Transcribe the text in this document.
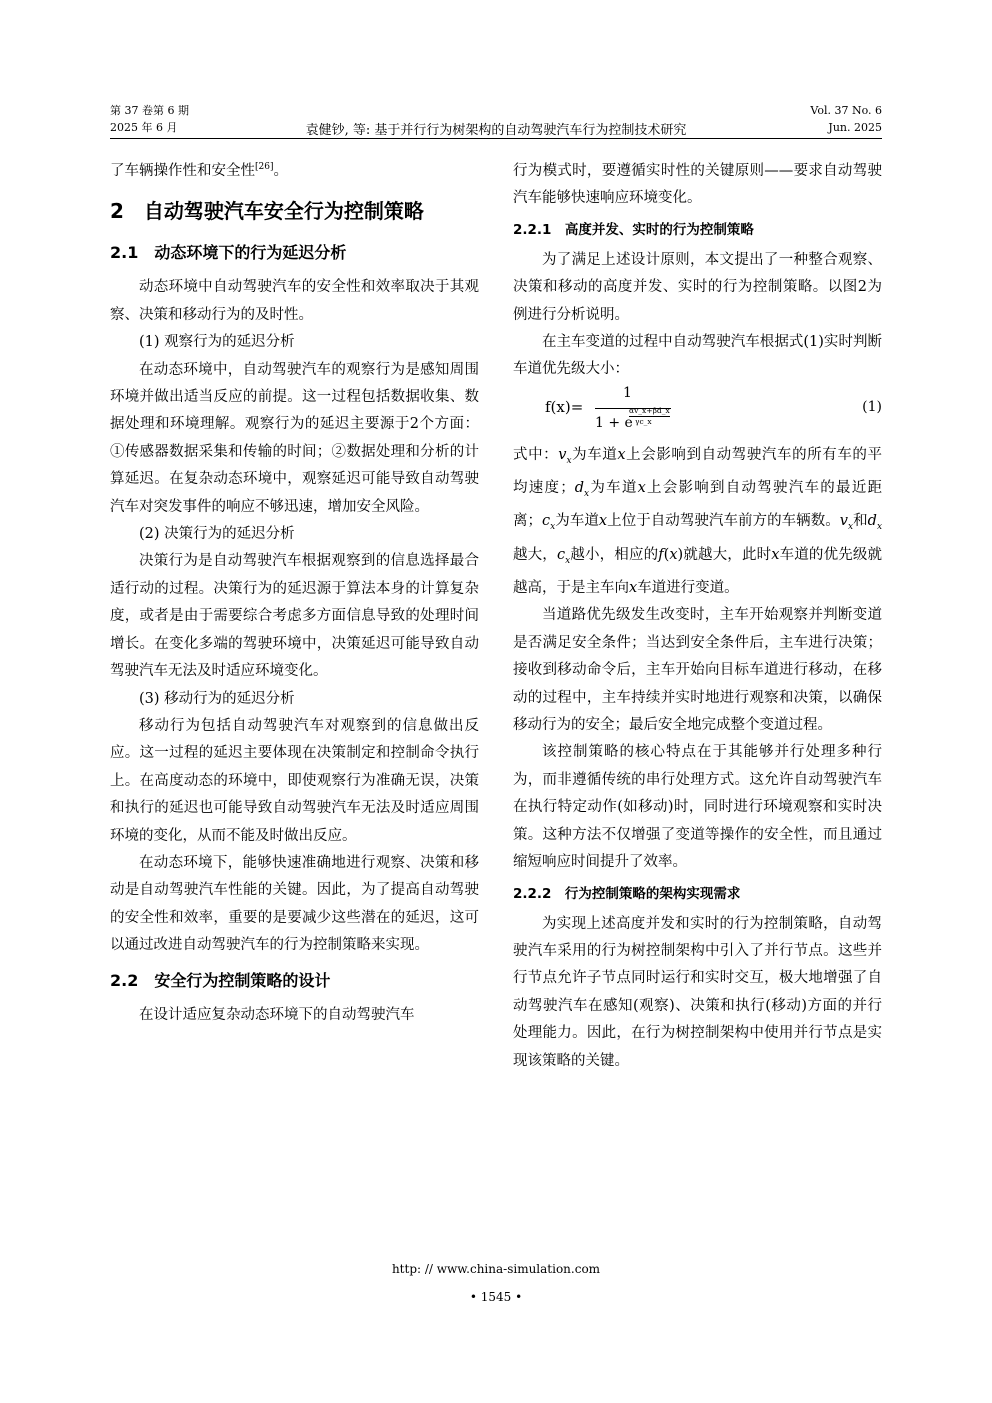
第 37 卷第 6 期
2025 年 6 月	袁健钞, 等: 基于并行行为树架构的自动驾驶汽车行为控制技术研究
Vol. 37 No. 6
Jun. 2025

了车辆操作性和安全性[26]。

2　自动驾驶汽车安全行为控制策略
2.1　动态环境下的行为延迟分析

动态环境中自动驾驶汽车的安全性和效率取决于其观察、决策和移动行为的及时性。

(1) 观察行为的延迟分析

在动态环境中，自动驾驶汽车的观察行为是感知周围环境并做出适当反应的前提。这一过程包括数据收集、数据处理和环境理解。观察行为的延迟主要源于2个方面：①传感器数据采集和传输的时间；②数据处理和分析的计算延迟。在复杂动态环境中，观察延迟可能导致自动驾驶汽车对突发事件的响应不够迅速，增加安全风险。

(2) 决策行为的延迟分析

决策行为是自动驾驶汽车根据观察到的信息选择最合适行动的过程。决策行为的延迟源于算法本身的计算复杂度，或者是由于需要综合考虑多方面信息导致的处理时间增长。在变化多端的驾驶环境中，决策延迟可能导致自动驾驶汽车无法及时适应环境变化。

(3) 移动行为的延迟分析

移动行为包括自动驾驶汽车对观察到的信息做出反应。这一过程的延迟主要体现在决策制定和控制命令执行上。在高度动态的环境中，即使观察行为准确无误，决策和执行的延迟也可能导致自动驾驶汽车无法及时适应周围环境的变化，从而不能及时做出反应。

在动态环境下，能够快速准确地进行观察、决策和移动是自动驾驶汽车性能的关键。因此，为了提高自动驾驶的安全性和效率，重要的是要减少这些潜在的延迟，这可以通过改进自动驾驶汽车的行为控制策略来实现。

2.2　安全行为控制策略的设计

在设计适应复杂动态环境下的自动驾驶汽车

行为模式时，要遵循实时性的关键原则——要求自动驾驶汽车能够快速响应环境变化。

2.2.1　高度并发、实时的行为控制策略

为了满足上述设计原则，本文提出了一种整合观察、决策和移动的高度并发、实时的行为控制策略。以图2为例进行分析说明。

在主车变道的过程中自动驾驶汽车根据式(1)实时判断车道优先级大小：

f(x)=
1
1 + e
αv_x+βd_x
γc_x
(1)

式中：$v_x$为车道x上会影响到自动驾驶汽车的所有车的平均速度；$d_x$为车道x上会影响到自动驾驶汽车的最近距离；$c_x$为车道x上位于自动驾驶汽车前方的车辆数。$v_x$和$d_x$越大，$c_x$越小，相应的f(x)就越大，此时x车道的优先级就越高，于是主车向x车道进行变道。

当道路优先级发生改变时，主车开始观察并判断变道是否满足安全条件；当达到安全条件后，主车进行决策；接收到移动命令后，主车开始向目标车道进行移动，在移动的过程中，主车持续并实时地进行观察和决策，以确保移动行为的安全；最后安全地完成整个变道过程。

该控制策略的核心特点在于其能够并行处理多种行为，而非遵循传统的串行处理方式。这允许自动驾驶汽车在执行特定动作(如移动)时，同时进行环境观察和实时决策。这种方法不仅增强了变道等操作的安全性，而且通过缩短响应时间提升了效率。

2.2.2　行为控制策略的架构实现需求

为实现上述高度并发和实时的行为控制策略，自动驾驶汽车采用的行为树控制架构中引入了并行节点。这些并行节点允许子节点同时运行和实时交互，极大地增强了自动驾驶汽车在感知(观察)、决策和执行(移动)方面的并行处理能力。因此，在行为树控制架构中使用并行节点是实现该策略的关键。

http: // www.china-simulation.com
• 1545 •
